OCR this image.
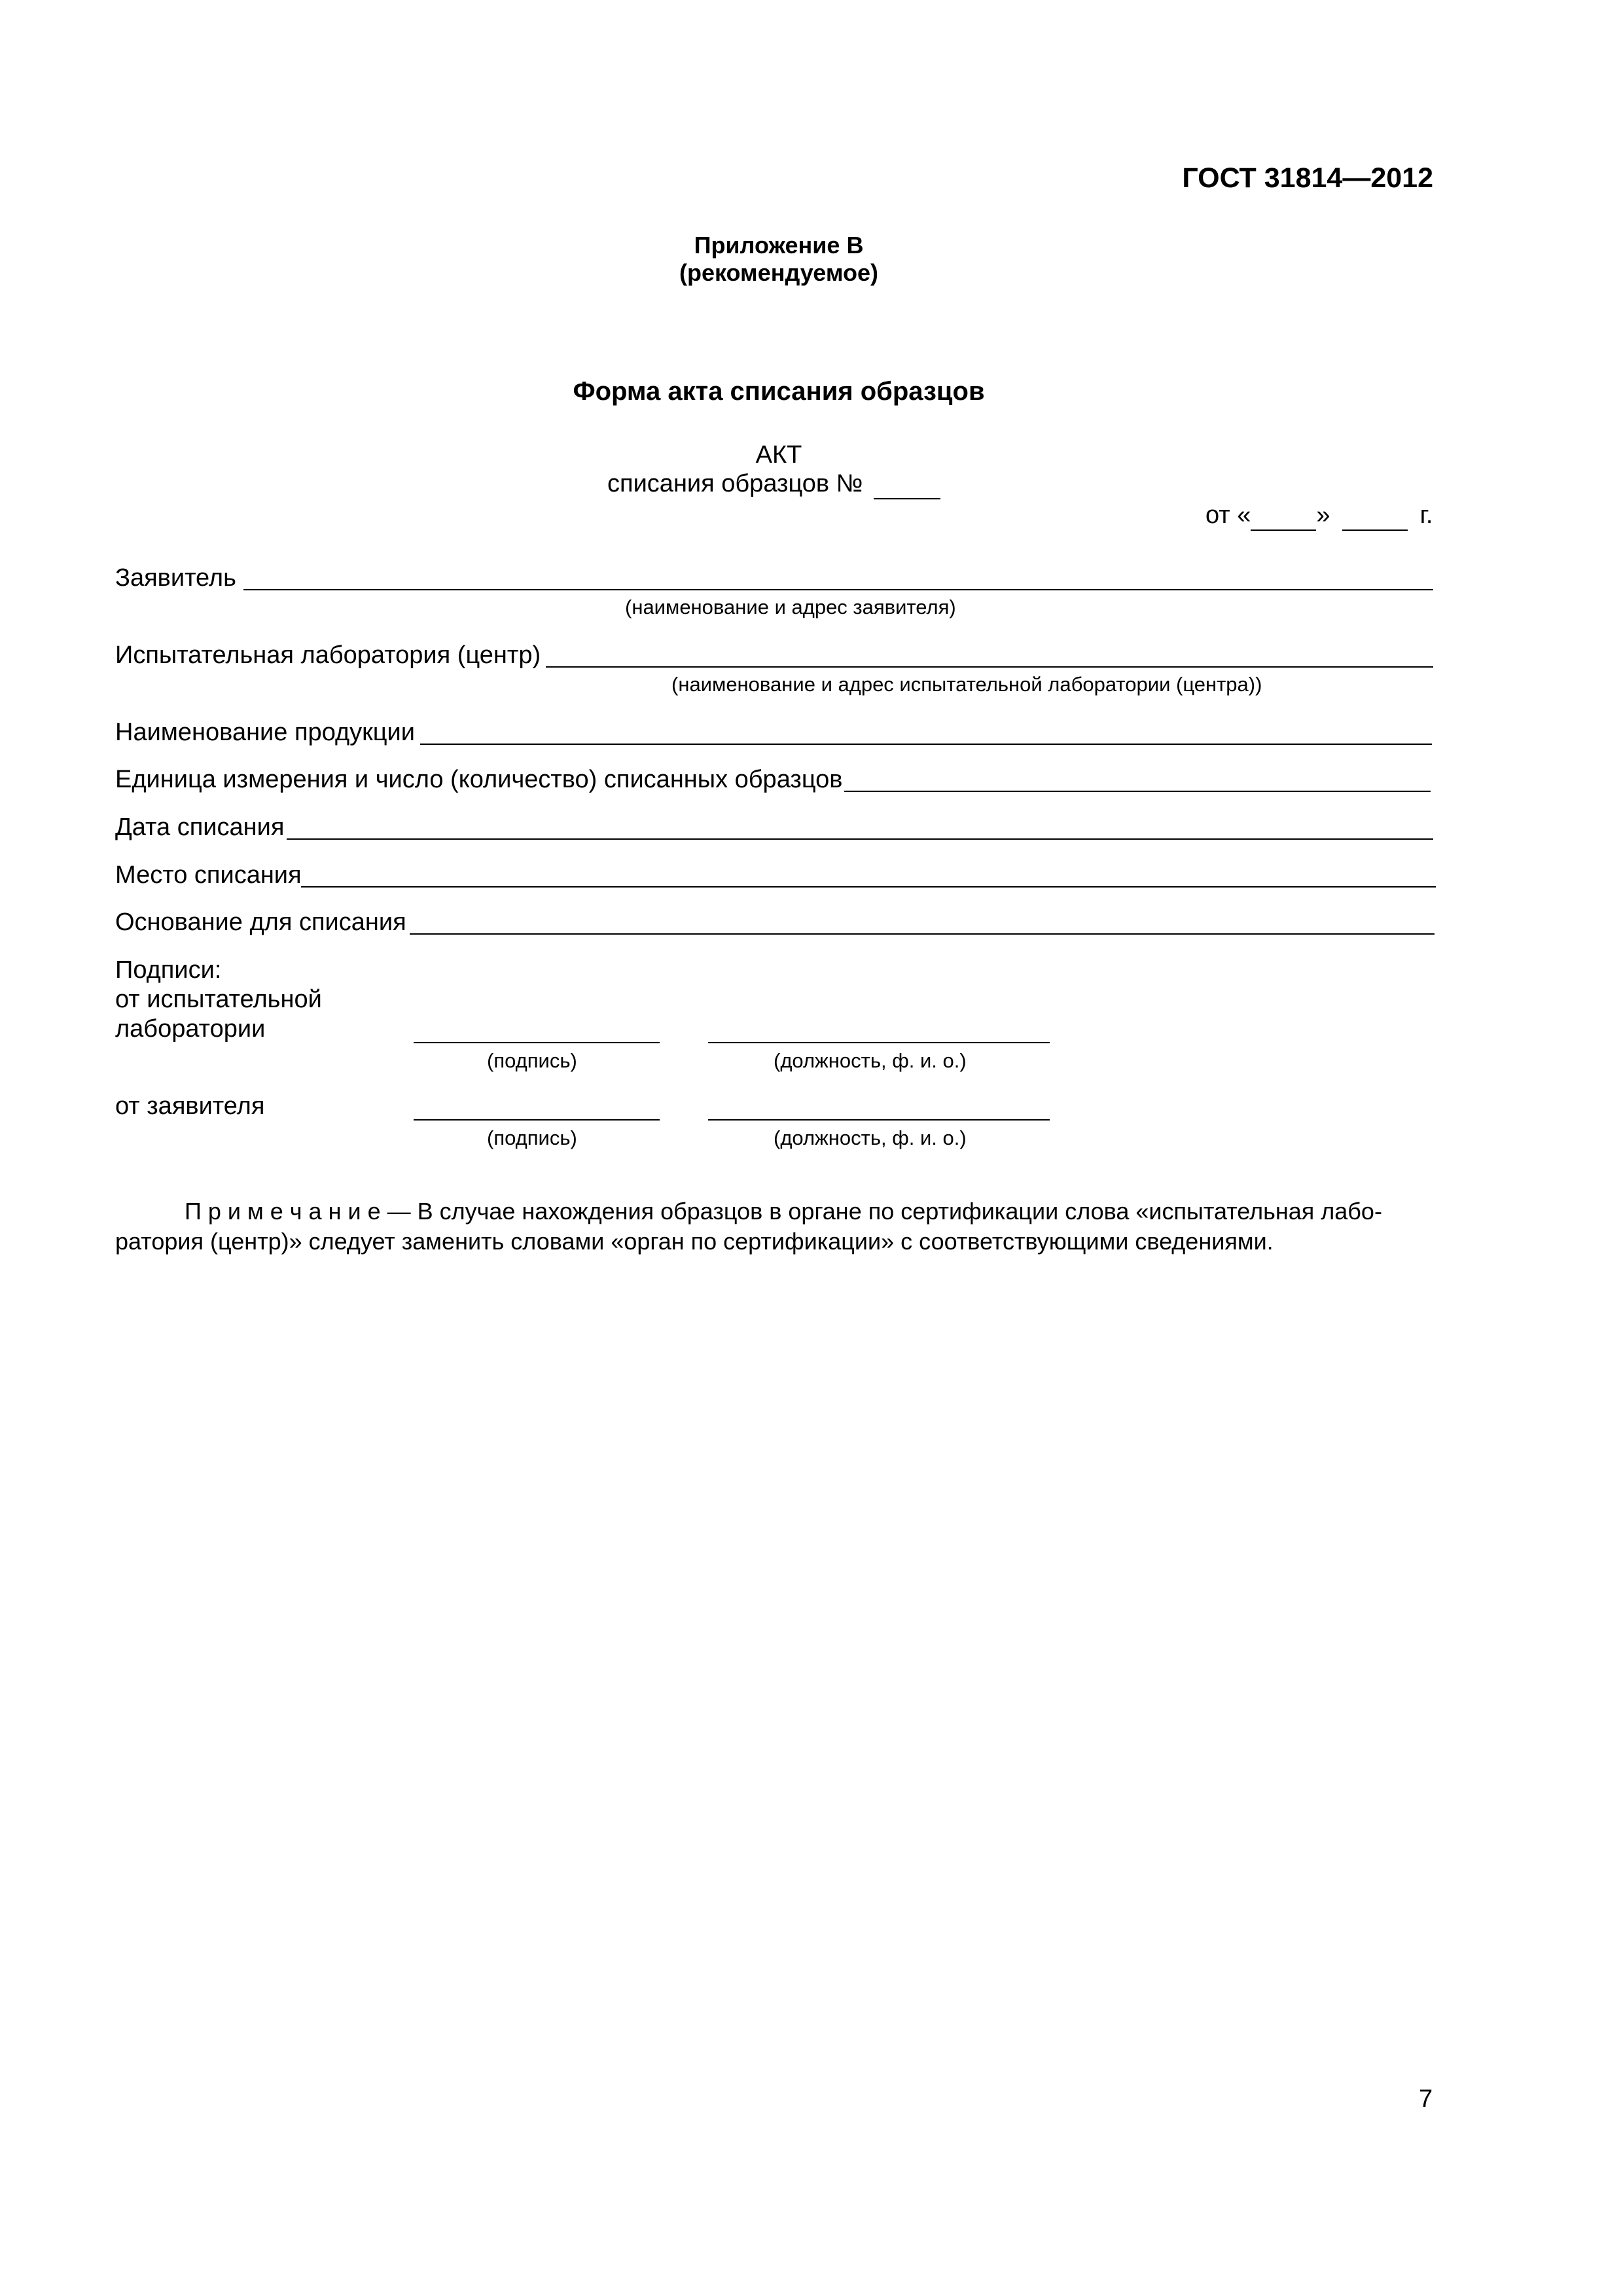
ГОСТ 31814—2012
Приложение В
(рекомендуемое)
Форма акта списания образцов
АКТ
списания образцов №
от «	»	г.
Заявитель
(наименование и адрес заявителя)
Испытательная лаборатория (центр)
(наименование и адрес испытательной лаборатории (центра))
Наименование продукции
Единица измерения и число (количество) списанных образцов
Дата списания
Место списания
Основание для списания
Подписи:
от испытательной
лаборатории
(подпись)	(должность, ф. и. о.)
от заявителя
(подпись)	(должность, ф. и. о.)
П р и м е ч а н и е — В случае нахождения образцов в органе по сертификации слова «испытательная лабо-
ратория (центр)» следует заменить словами «орган по сертификации» с соответствующими сведениями.
7
